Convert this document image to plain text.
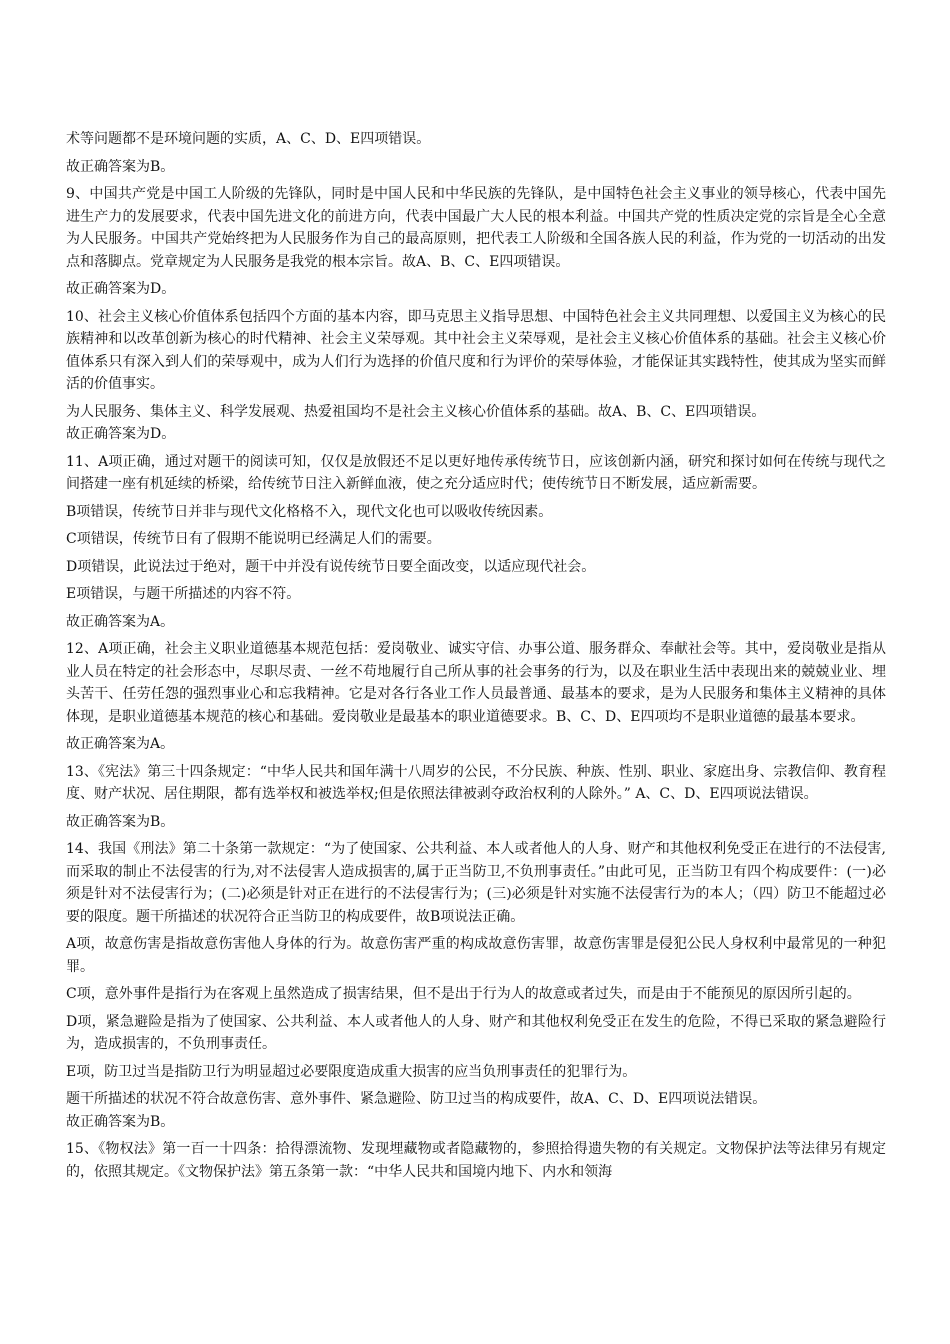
术等问题都不是环境问题的实质，A、C、D、E四项错误。

故正确答案为B。

9、中国共产党是中国工人阶级的先锋队，同时是中国人民和中华民族的先锋队，是中国特色社会主义事业的领导核心，代表中国先进生产力的发展要求，代表中国先进文化的前进方向，代表中国最广大人民的根本利益。中国共产党的性质决定党的宗旨是全心全意为人民服务。中国共产党始终把为人民服务作为自己的最高原则，把代表工人阶级和全国各族人民的利益，作为党的一切活动的出发点和落脚点。党章规定为人民服务是我党的根本宗旨。故A、B、C、E四项错误。

故正确答案为D。

10、社会主义核心价值体系包括四个方面的基本内容，即马克思主义指导思想、中国特色社会主义共同理想、以爱国主义为核心的民族精神和以改革创新为核心的时代精神、社会主义荣辱观。其中社会主义荣辱观，是社会主义核心价值体系的基础。社会主义核心价值体系只有深入到人们的荣辱观中，成为人们行为选择的价值尺度和行为评价的荣辱体验，才能保证其实践特性，使其成为坚实而鲜活的价值事实。

为人民服务、集体主义、科学发展观、热爱祖国均不是社会主义核心价值体系的基础。故A、B、C、E四项错误。

故正确答案为D。

11、A项正确，通过对题干的阅读可知，仅仅是放假还不足以更好地传承传统节日，应该创新内涵，研究和探讨如何在传统与现代之间搭建一座有机延续的桥梁，给传统节日注入新鲜血液，使之充分适应时代；使传统节日不断发展，适应新需要。

B项错误，传统节日并非与现代文化格格不入，现代文化也可以吸收传统因素。

C项错误，传统节日有了假期不能说明已经满足人们的需要。

D项错误，此说法过于绝对，题干中并没有说传统节日要全面改变，以适应现代社会。

E项错误，与题干所描述的内容不符。

故正确答案为A。

12、A项正确，社会主义职业道德基本规范包括：爱岗敬业、诚实守信、办事公道、服务群众、奉献社会等。其中，爱岗敬业是指从业人员在特定的社会形态中，尽职尽责、一丝不苟地履行自己所从事的社会事务的行为，以及在职业生活中表现出来的兢兢业业、埋头苦干、任劳任怨的强烈事业心和忘我精神。它是对各行各业工作人员最普通、最基本的要求，是为人民服务和集体主义精神的具体体现，是职业道德基本规范的核心和基础。爱岗敬业是最基本的职业道德要求。B、C、D、E四项均不是职业道德的最基本要求。

故正确答案为A。

13、《宪法》第三十四条规定：“中华人民共和国年满十八周岁的公民，不分民族、种族、性别、职业、家庭出身、宗教信仰、教育程度、财产状况、居住期限，都有选举权和被选举权;但是依照法律被剥夺政治权利的人除外。” A、C、D、E四项说法错误。

故正确答案为B。

14、我国《刑法》第二十条第一款规定：“为了使国家、公共利益、本人或者他人的人身、财产和其他权利免受正在进行的不法侵害,而采取的制止不法侵害的行为,对不法侵害人造成损害的,属于正当防卫,不负刑事责任。”由此可见，正当防卫有四个构成要件：(一)必须是针对不法侵害行为；(二)必须是针对正在进行的不法侵害行为；(三)必须是针对实施不法侵害行为的本人；（四）防卫不能超过必要的限度。题干所描述的状况符合正当防卫的构成要件，故B项说法正确。

A项，故意伤害是指故意伤害他人身体的行为。故意伤害严重的构成故意伤害罪，故意伤害罪是侵犯公民人身权利中最常见的一种犯罪。

C项，意外事件是指行为在客观上虽然造成了损害结果，但不是出于行为人的故意或者过失，而是由于不能预见的原因所引起的。

D项，紧急避险是指为了使国家、公共利益、本人或者他人的人身、财产和其他权利免受正在发生的危险，不得已采取的紧急避险行为，造成损害的，不负刑事责任。

E项，防卫过当是指防卫行为明显超过必要限度造成重大损害的应当负刑事责任的犯罪行为。

题干所描述的状况不符合故意伤害、意外事件、紧急避险、防卫过当的构成要件，故A、C、D、E四项说法错误。

故正确答案为B。

15、《物权法》第一百一十四条：拾得漂流物、发现埋藏物或者隐藏物的，参照拾得遗失物的有关规定。文物保护法等法律另有规定的，依照其规定。《文物保护法》第五条第一款：“中华人民共和国境内地下、内水和领海
